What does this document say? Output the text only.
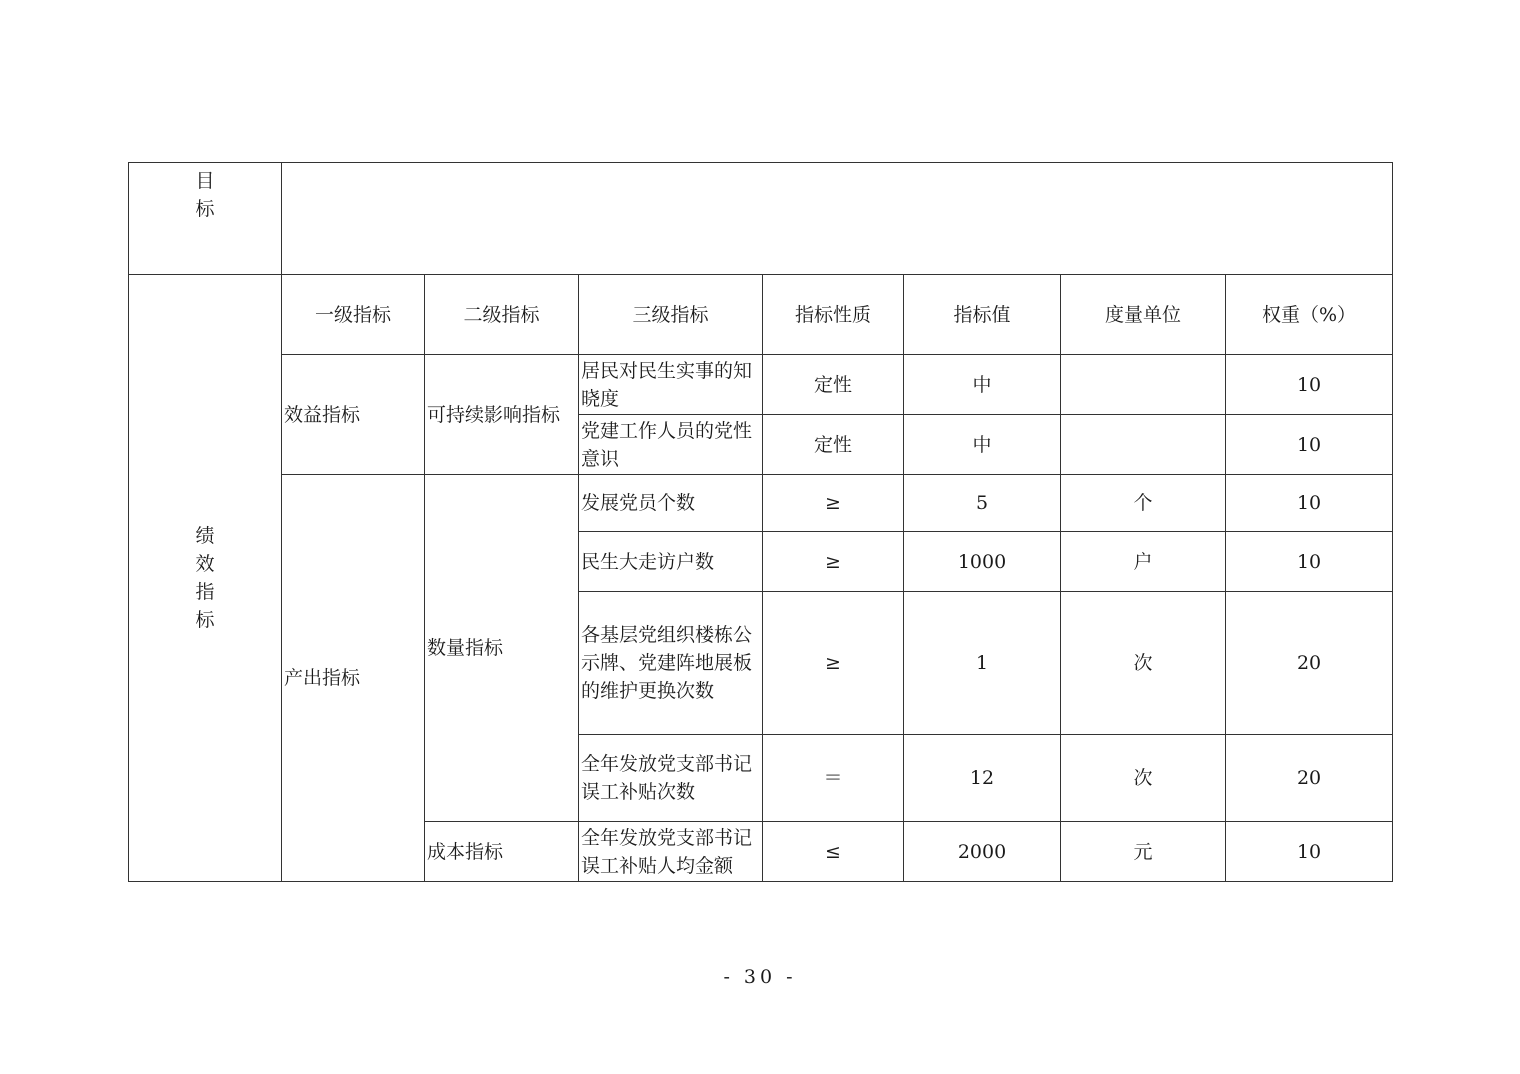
目
标							

绩
效
指
标	一级指标	二级指标	三级指标	指标性质	指标值	度量单位	权重（%）
	效益指标	可持续影响指标	居民对民生实事的知晓度	定性	中		10
			党建工作人员的党性意识	定性	中		10
	产出指标	数量指标	发展党员个数	≥	5	个	10
			民生大走访户数	≥	1000	户	10
			各基层党组织楼栋公示牌、党建阵地展板的维护更换次数	≥	1	次	20
			全年发放党支部书记误工补贴次数	＝	12	次	20
		成本指标	全年发放党支部书记误工补贴人均金额	≤	2000	元	10
- 30 -
